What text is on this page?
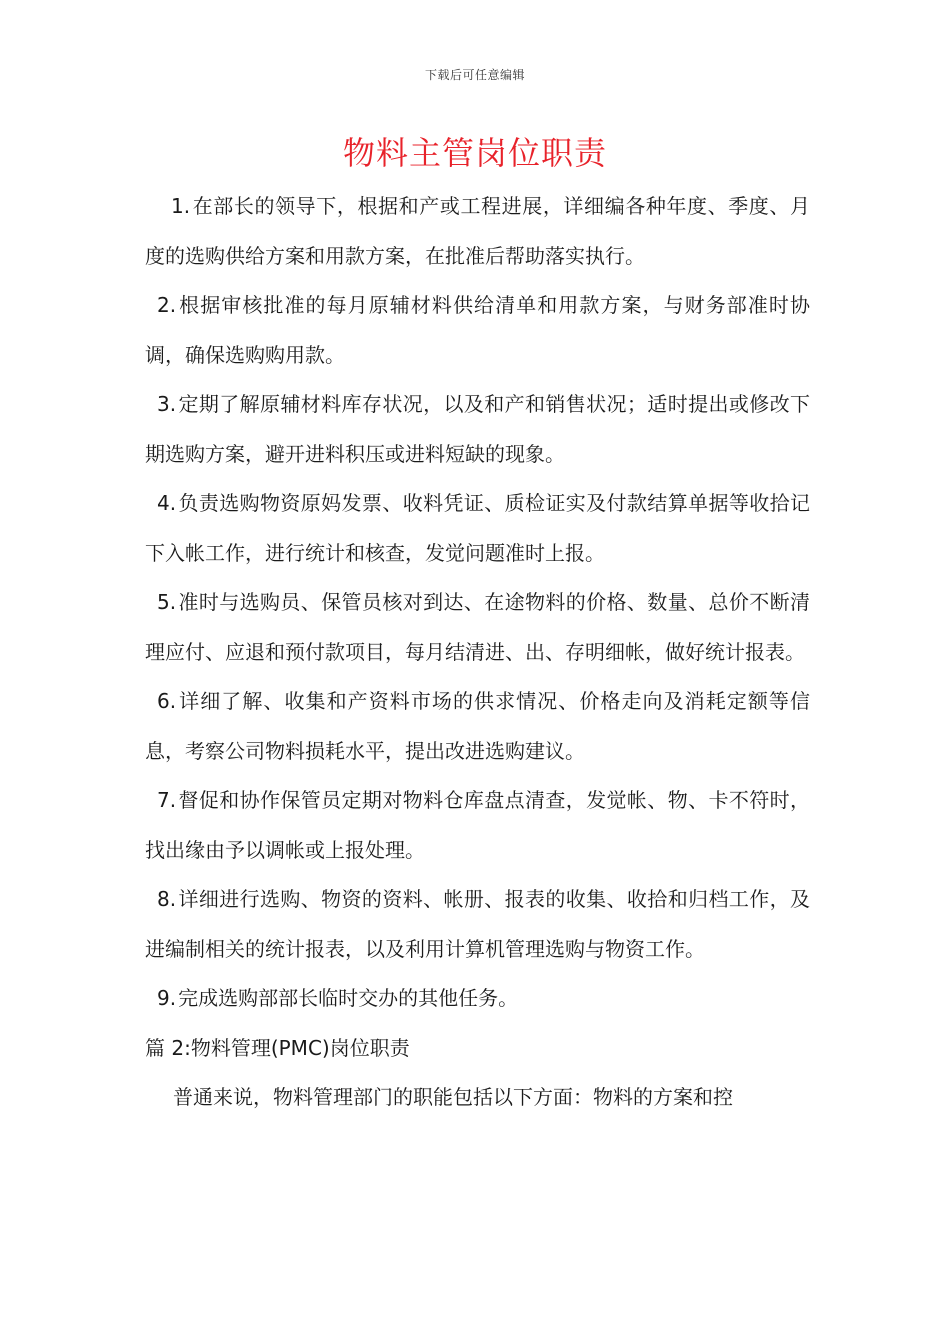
下载后可任意编辑
物料主管岗位职责

1. 在部长的领导下，根据和产或工程进展，详细编各种年度、季度、月度的选购供给方案和用款方案，在批准后帮助落实执行。

2. 根据审核批准的每月原辅材料供给清单和用款方案，与财务部准时协调，确保选购购用款。

3. 定期了解原辅材料库存状况，以及和产和销售状况；适时提出或修改下期选购方案，避开进料积压或进料短缺的现象。

4. 负责选购物资原妈发票、收料凭证、质检证实及付款结算单据等收拾记下入帐工作，进行统计和核查，发觉问题准时上报。

5. 准时与选购员、保管员核对到达、在途物料的价格、数量、总价不断清理应付、应退和预付款项目，每月结清进、出、存明细帐，做好统计报表。

6. 详细了解、收集和产资料市场的供求情况、价格走向及消耗定额等信息，考察公司物料损耗水平，提出改进选购建议。

7. 督促和协作保管员定期对物料仓库盘点清查，发觉帐、物、卡不符时，找出缘由予以调帐或上报处理。

8. 详细进行选购、物资的资料、帐册、报表的收集、收拾和归档工作，及进编制相关的统计报表，以及利用计算机管理选购与物资工作。

9. 完成选购部部长临时交办的其他任务。

篇 2:物料管理(PMC)岗位职责

普通来说，物料管理部门的职能包括以下方面：物料的方案和控
